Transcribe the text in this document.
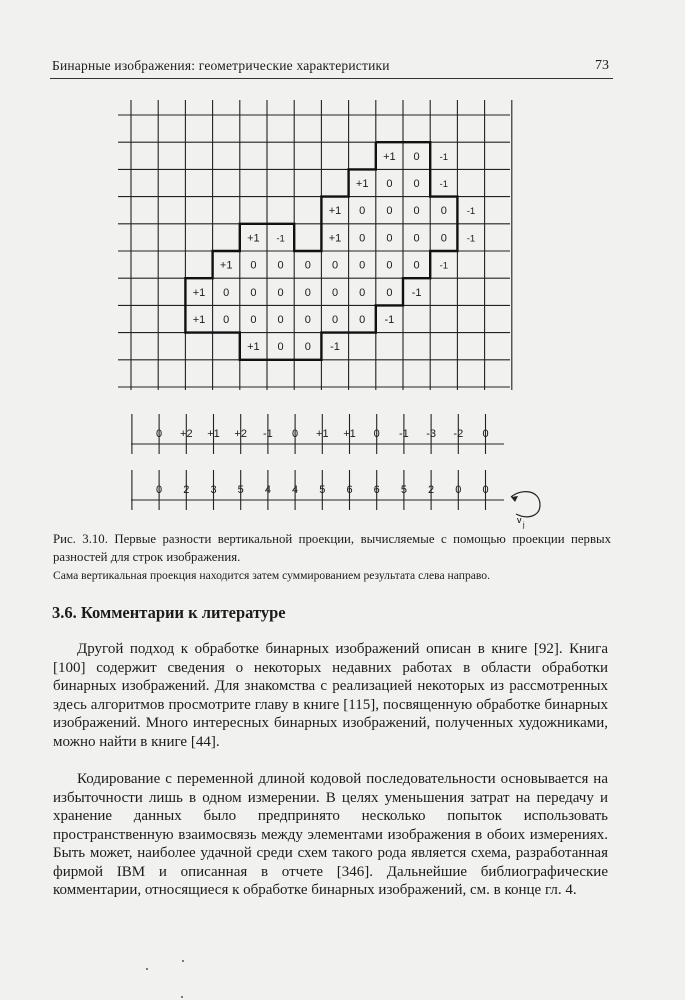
Бинарные изображения: геометрические характеристики	73
+1 0 -1
+1 0 0 -1
+1 0 0 0 0 -1
+1 -1	+1 0 0 0 0 -1
+1 0 0 0 0 0 0 0 -1
+1 0 0 0 0 0 0 0 -1
+1 0 0 0 0 0 0 -1
+1 0 0 -1
0 +2 +1 +2 -1 0 +1 +1 0 -1 -3 -2 0
0 2 3 5 4 4 5 6 6 5 2 0 0
v
j
Рис. 3.10. Первые разности вертикальной проекции, вычисляемые с помощью проекции первых разностей для строк изображения.
Сама вертикальная проекция находится затем суммированием результата слева направо.
3.6. Комментарии к литературе
Другой подход к обработке бинарных изображений описан в книге [92]. Книга [100] содержит сведения о некоторых недавних работах в области обработки бинарных изображений. Для знакомства с реализацией некоторых из рассмотренных здесь алгоритмов просмотрите главу в книге [115], посвященную обработке бинарных изображений. Много интересных бинарных изображений, полученных художниками, можно найти в книге [44].
Кодирование с переменной длиной кодовой последовательности основывается на избыточности лишь в одном измерении. В целях уменьшения затрат на передачу и хранение данных было предпринято несколько попыток использовать пространственную взаимосвязь между элементами изображения в обоих измерениях. Быть может, наиболее удачной среди схем такого рода является схема, разработанная фирмой IBM и описанная в отчете [346]. Дальнейшие библиографические комментарии, относящиеся к обработке бинарных изображений, см. в конце гл. 4.
